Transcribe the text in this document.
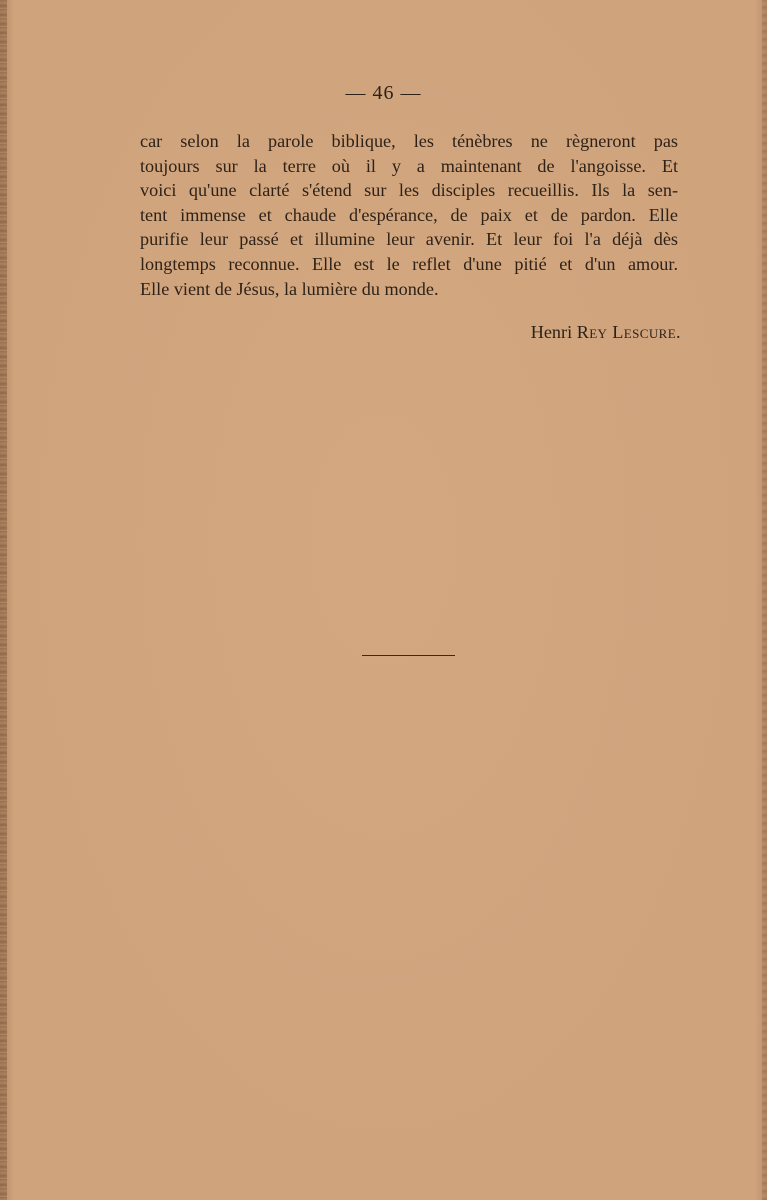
— 46 —
car selon la parole biblique, les ténèbres ne règneront pas
toujours sur la terre où il y a maintenant de l'angoisse. Et
voici qu'une clarté s'étend sur les disciples recueillis. Ils la sen-
tent immense et chaude d'espérance, de paix et de pardon. Elle
purifie leur passé et illumine leur avenir. Et leur foi l'a déjà dès
longtemps reconnue. Elle est le reflet d'une pitié et d'un amour.
Elle vient de Jésus, la lumière du monde.
Henri Rey Lescure.
